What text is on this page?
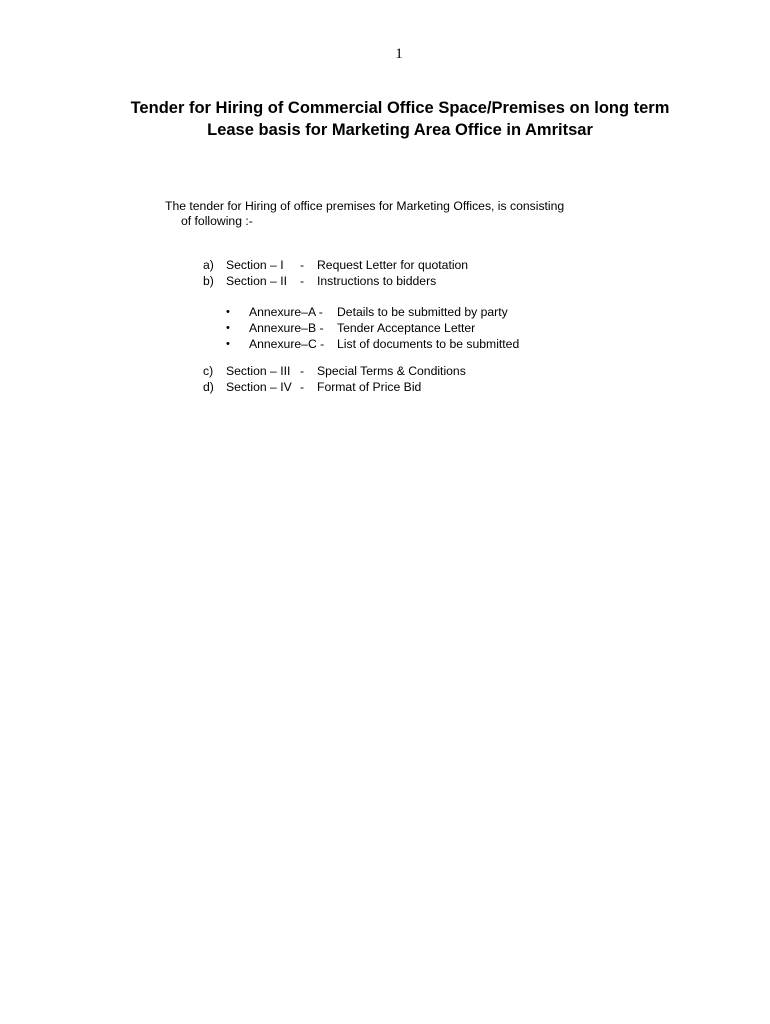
1
Tender for Hiring of Commercial Office Space/Premises on long term
Lease basis for Marketing Area Office in Amritsar
The tender for Hiring of office premises for Marketing Offices, is consisting
of following :-
a) Section – I	-	Request Letter for quotation
b) Section – II	-	Instructions to bidders
•	Annexure–A -	Details to be submitted by party
•	Annexure–B -	Tender Acceptance Letter
•	Annexure–C -	List of documents to be submitted
c)	Section – III -	Special Terms & Conditions
d) Section – IV -	Format of Price Bid
